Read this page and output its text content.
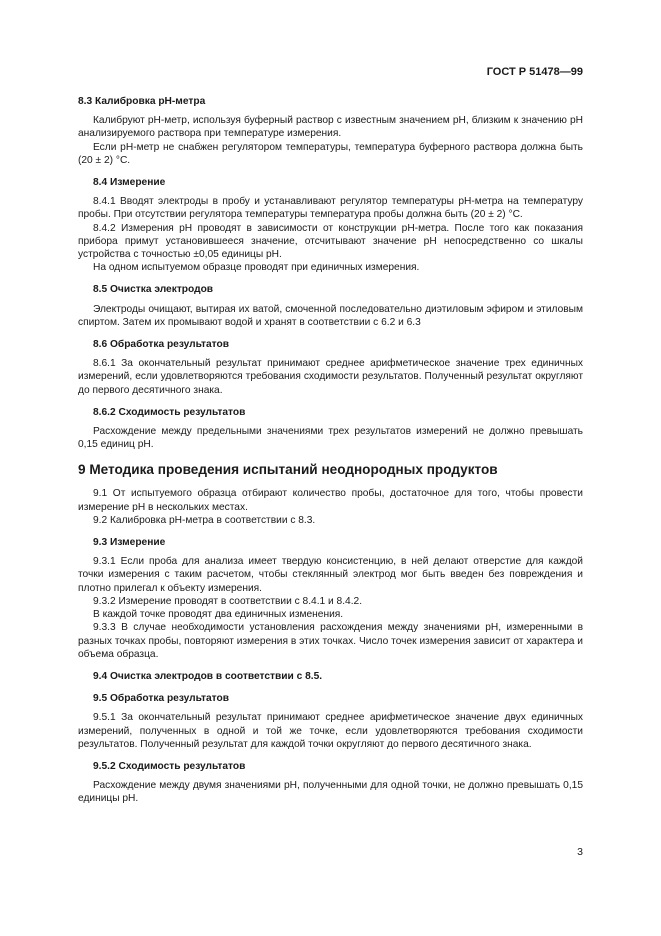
ГОСТ Р 51478—99
8.3 Калибровка pH-метра

Калибруют pH-метр, используя буферный раствор с известным значением pH, близким к значению pH анализируемого раствора при температуре измерения.

Если pH-метр не снабжен регулятором температуры, температура буферного раствора должна быть (20 ± 2) °С.

8.4 Измерение

8.4.1 Вводят электроды в пробу и устанавливают регулятор температуры pH-метра на температуру пробы. При отсутствии регулятора температуры температура пробы должна быть (20 ± 2) °С.

8.4.2 Измерения pH проводят в зависимости от конструкции pH-метра. После того как показания прибора примут установившееся значение, отсчитывают значение pH непосредственно со шкалы устройства с точностью ±0,05 единицы pH.

На одном испытуемом образце проводят при единичных измерения.

8.5 Очистка электродов

Электроды очищают, вытирая их ватой, смоченной последовательно диэтиловым эфиром и этиловым спиртом. Затем их промывают водой и хранят в соответствии с 6.2 и 6.3

8.6 Обработка результатов

8.6.1 За окончательный результат принимают среднее арифметическое значение трех единичных измерений, если удовлетворяются требования сходимости результатов. Полученный результат округляют до первого десятичного знака.

8.6.2 Сходимость результатов

Расхождение между предельными значениями трех результатов измерений не должно превышать 0,15 единиц pH.

9 Методика проведения испытаний неоднородных продуктов

9.1 От испытуемого образца отбирают количество пробы, достаточное для того, чтобы провести измерение pH в нескольких местах.

9.2 Калибровка pH-метра в соответствии с 8.3.

9.3 Измерение

9.3.1 Если проба для анализа имеет твердую консистенцию, в ней делают отверстие для каждой точки измерения с таким расчетом, чтобы стеклянный электрод мог быть введен без повреждения и плотно прилегал к объекту измерения.

9.3.2 Измерение проводят в соответствии с 8.4.1 и 8.4.2.

В каждой точке проводят два единичных изменения.

9.3.3 В случае необходимости установления расхождения между значениями pH, измеренными в разных точках пробы, повторяют измерения в этих точках. Число точек измерения зависит от характера и объема образца.

9.4 Очистка электродов в соответствии с 8.5.
9.5 Обработка результатов

9.5.1 За окончательный результат принимают среднее арифметическое значение двух единичных измерений, полученных в одной и той же точке, если удовлетворяются требования сходимости результатов. Полученный результат для каждой точки округляют до первого десятичного знака.

9.5.2 Сходимость результатов

Расхождение между двумя значениями pH, полученными для одной точки, не должно превышать 0,15 единицы pH.

3
